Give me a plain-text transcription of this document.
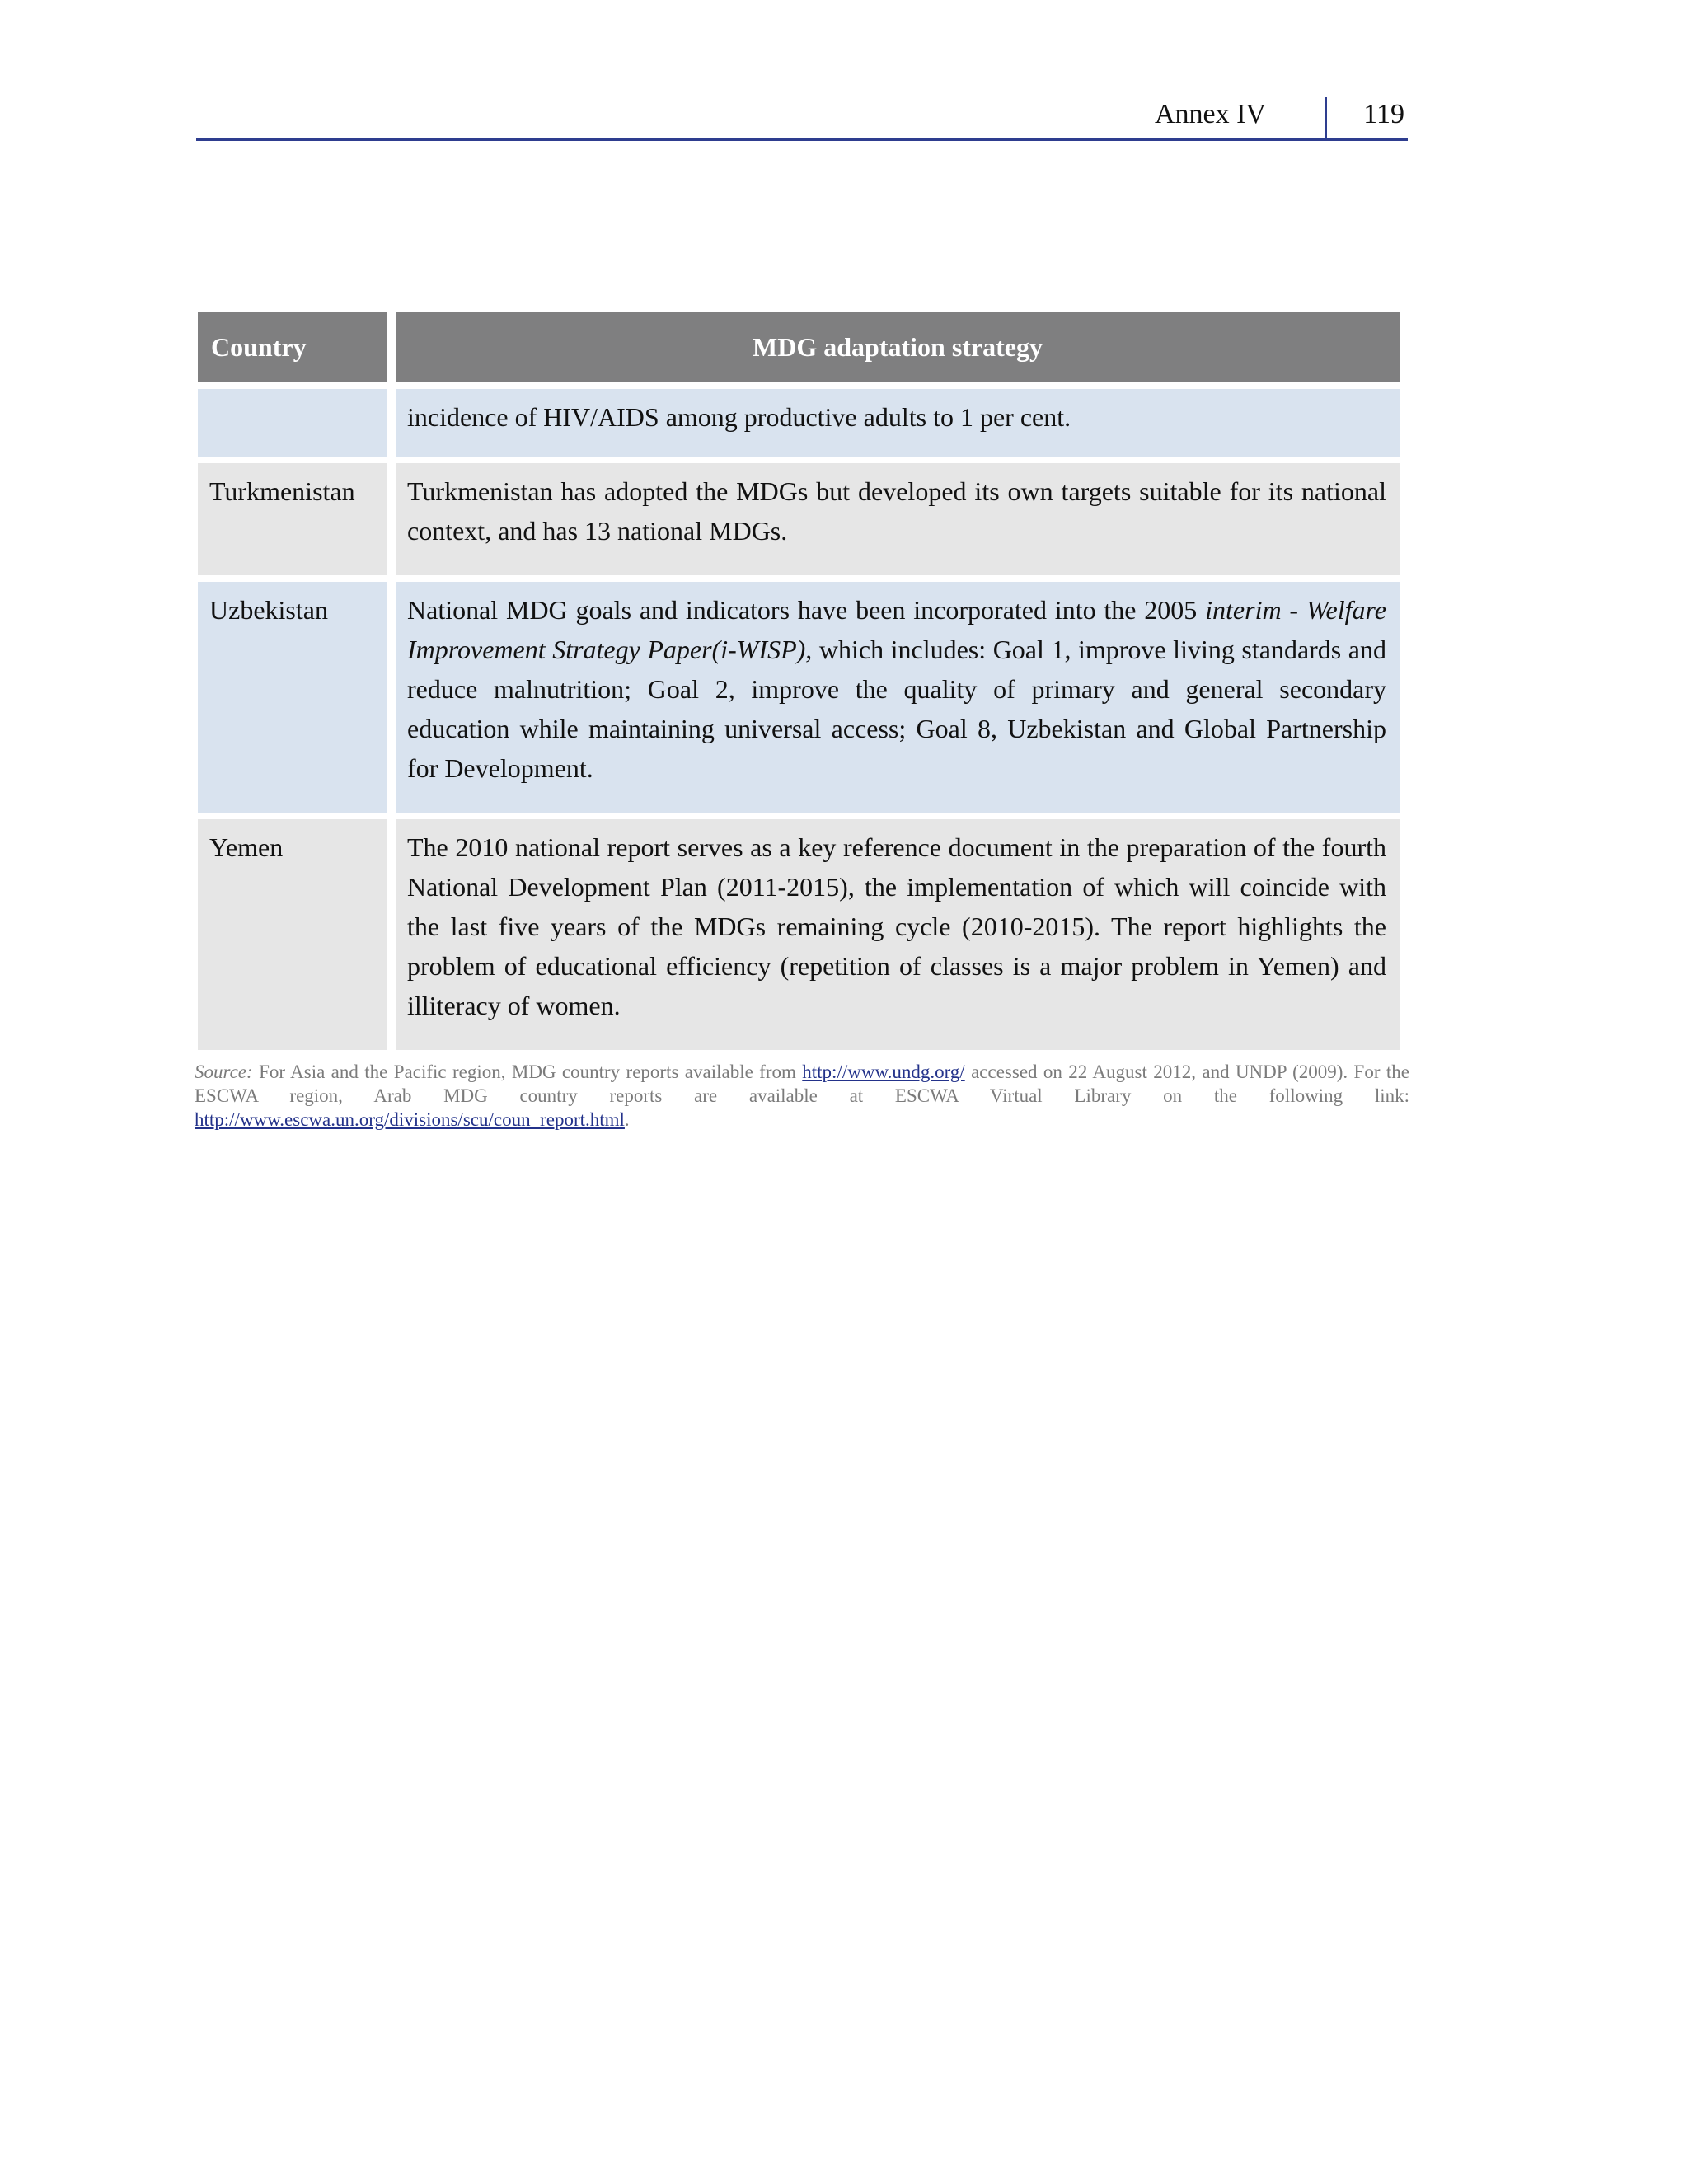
Annex IV	119
Country	MDG adaptation strategy
	incidence of HIV/AIDS among productive adults to 1 per cent.
Turkmenistan	Turkmenistan has adopted the MDGs but developed its own targets suitable for its national context, and has 13 national MDGs.
Uzbekistan	National MDG goals and indicators have been incorporated into the 2005 interim - Welfare Improvement Strategy Paper(i-WISP), which includes: Goal 1, improve living standards and reduce malnutrition; Goal 2, improve the quality of primary and general secondary education while maintaining universal access; Goal 8, Uzbekistan and Global Partnership for Development.
Yemen	The 2010 national report serves as a key reference document in the preparation of the fourth National Development Plan (2011-2015), the implementation of which will coincide with the last five years of the MDGs remaining cycle (2010-2015). The report highlights the problem of educational efficiency (repetition of classes is a major problem in Yemen) and illiteracy of women.
Source: For Asia and the Pacific region, MDG country reports available from http://www.undg.org/ accessed on 22 August 2012, and UNDP (2009). For the ESCWA region, Arab MDG country reports are available at ESCWA Virtual Library on the following link: http://www.escwa.un.org/divisions/scu/coun_report.html.
